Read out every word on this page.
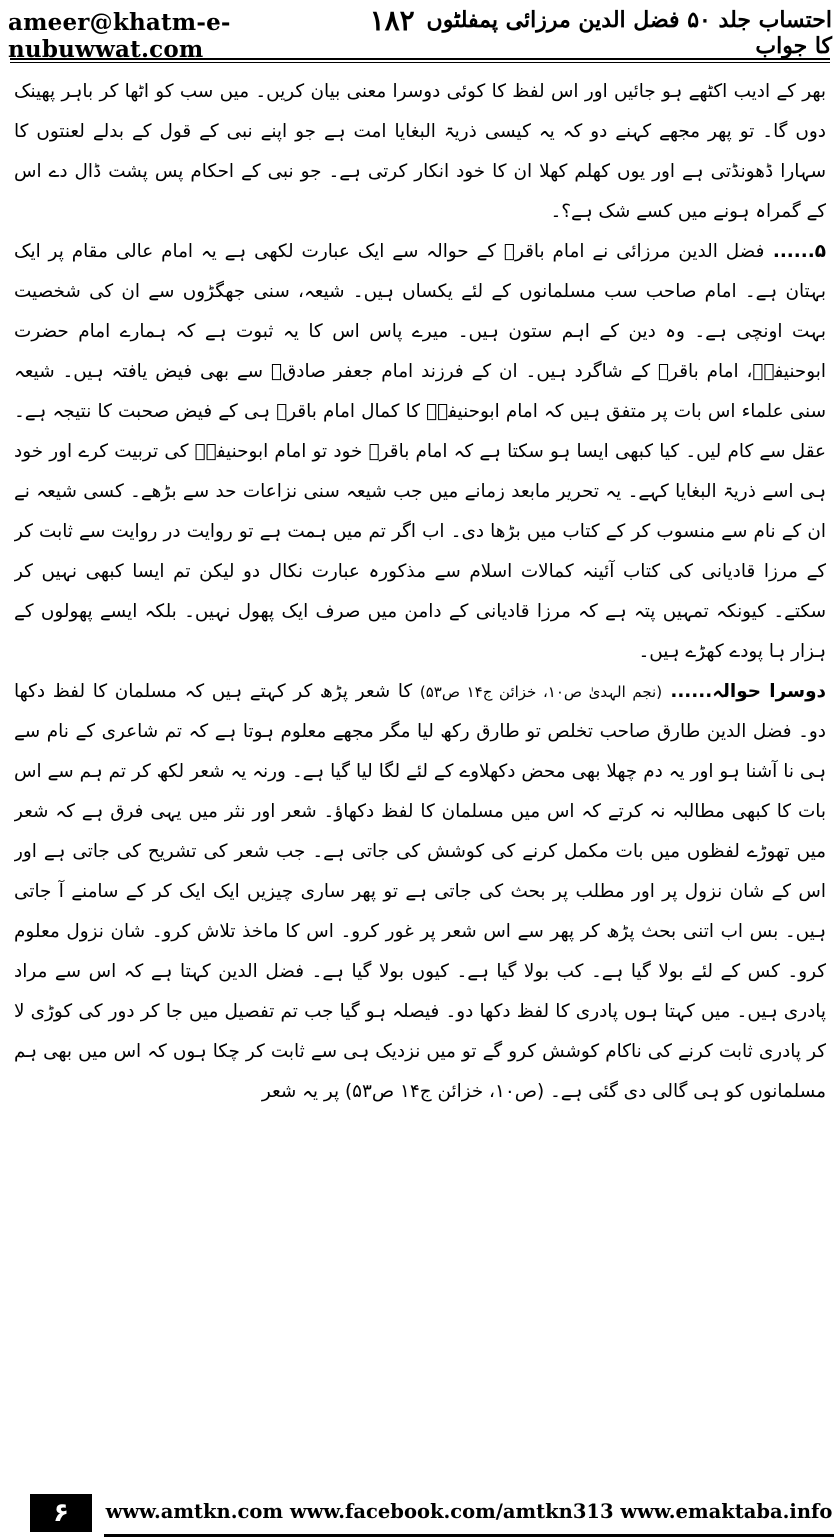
ameer@khatm-e-nubuwwat.com
۱۸۲ احتساب جلد ۵۰ فضل الدین مرزائی پمفلٹوں کا جواب

بھر کے ادیب اکٹھے ہو جائیں اور اس لفظ کا کوئی دوسرا معنی بیان کریں۔ میں سب کو اٹھا کر باہر پھینک دوں گا۔ تو پھر مجھے کہنے دو کہ یہ کیسی ذریۃ البغایا امت ہے جو اپنے نبی کے قول کے بدلے لعنتوں کا سہارا ڈھونڈتی ہے اور یوں کھلم کھلا ان کا خود انکار کرتی ہے۔ جو نبی کے احکام پس پشت ڈال دے اس کے گمراہ ہونے میں کسے شک ہے؟۔

۵...... فضل الدین مرزائی نے امام باقرؒ کے حوالہ سے ایک عبارت لکھی ہے یہ امام عالی مقام پر ایک بہتان ہے۔ امام صاحب سب مسلمانوں کے لئے یکساں ہیں۔ شیعہ، سنی جھگڑوں سے ان کی شخصیت بہت اونچی ہے۔ وہ دین کے اہم ستون ہیں۔ میرے پاس اس کا یہ ثبوت ہے کہ ہمارے امام حضرت ابوحنیفہؒ، امام باقرؒ کے شاگرد ہیں۔ ان کے فرزند امام جعفر صادقؒ سے بھی فیض یافتہ ہیں۔ شیعہ سنی علماء اس بات پر متفق ہیں کہ امام ابوحنیفہؒ کا کمال امام باقرؒ ہی کے فیض صحبت کا نتیجہ ہے۔ عقل سے کام لیں۔ کیا کبھی ایسا ہو سکتا ہے کہ امام باقرؒ خود تو امام ابوحنیفہؒ کی تربیت کرے اور خود ہی اسے ذریۃ البغایا کہے۔ یہ تحریر مابعد زمانے میں جب شیعہ سنی نزاعات حد سے بڑھے۔ کسی شیعہ نے ان کے نام سے منسوب کر کے کتاب میں بڑھا دی۔ اب اگر تم میں ہمت ہے تو روایت در روایت سے ثابت کر کے مرزا قادیانی کی کتاب آئینہ کمالات اسلام سے مذکورہ عبارت نکال دو لیکن تم ایسا کبھی نہیں کر سکتے۔ کیونکہ تمہیں پتہ ہے کہ مرزا قادیانی کے دامن میں صرف ایک پھول نہیں۔ بلکہ ایسے پھولوں کے ہزار ہا پودے کھڑے ہیں۔

دوسرا حوالہ...... (نجم الہدیٰ ص۱۰، خزائن ج۱۴ ص۵۳) کا شعر پڑھ کر کہتے ہیں کہ مسلمان کا لفظ دکھا دو۔ فضل الدین طارق صاحب تخلص تو طارق رکھ لیا مگر مجھے معلوم ہوتا ہے کہ تم شاعری کے نام سے ہی نا آشنا ہو اور یہ دم چھلا بھی محض دکھلاوے کے لئے لگا لیا گیا ہے۔ ورنہ یہ شعر لکھ کر تم ہم سے اس بات کا کبھی مطالبہ نہ کرتے کہ اس میں مسلمان کا لفظ دکھاؤ۔ شعر اور نثر میں یہی فرق ہے کہ شعر میں تھوڑے لفظوں میں بات مکمل کرنے کی کوشش کی جاتی ہے۔ جب شعر کی تشریح کی جاتی ہے اور اس کے شان نزول پر اور مطلب پر بحث کی جاتی ہے تو پھر ساری چیزیں ایک ایک کر کے سامنے آ جاتی ہیں۔ بس اب اتنی بحث پڑھ کر پھر سے اس شعر پر غور کرو۔ اس کا ماخذ تلاش کرو۔ شان نزول معلوم کرو۔ کس کے لئے بولا گیا ہے۔ کب بولا گیا ہے۔ کیوں بولا گیا ہے۔ فضل الدین کہتا ہے کہ اس سے مراد پادری ہیں۔ میں کہتا ہوں پادری کا لفظ دکھا دو۔ فیصلہ ہو گیا جب تم تفصیل میں جا کر دور کی کوڑی لا کر پادری ثابت کرنے کی ناکام کوشش کرو گے تو میں نزدیک ہی سے ثابت کر چکا ہوں کہ اس میں بھی ہم مسلمانوں کو ہی گالی دی گئی ہے۔ (ص۱۰، خزائن ج۱۴ ص۵۳) پر یہ شعر

۶	www.amtkn.com www.facebook.com/amtkn313 www.emaktaba.info
